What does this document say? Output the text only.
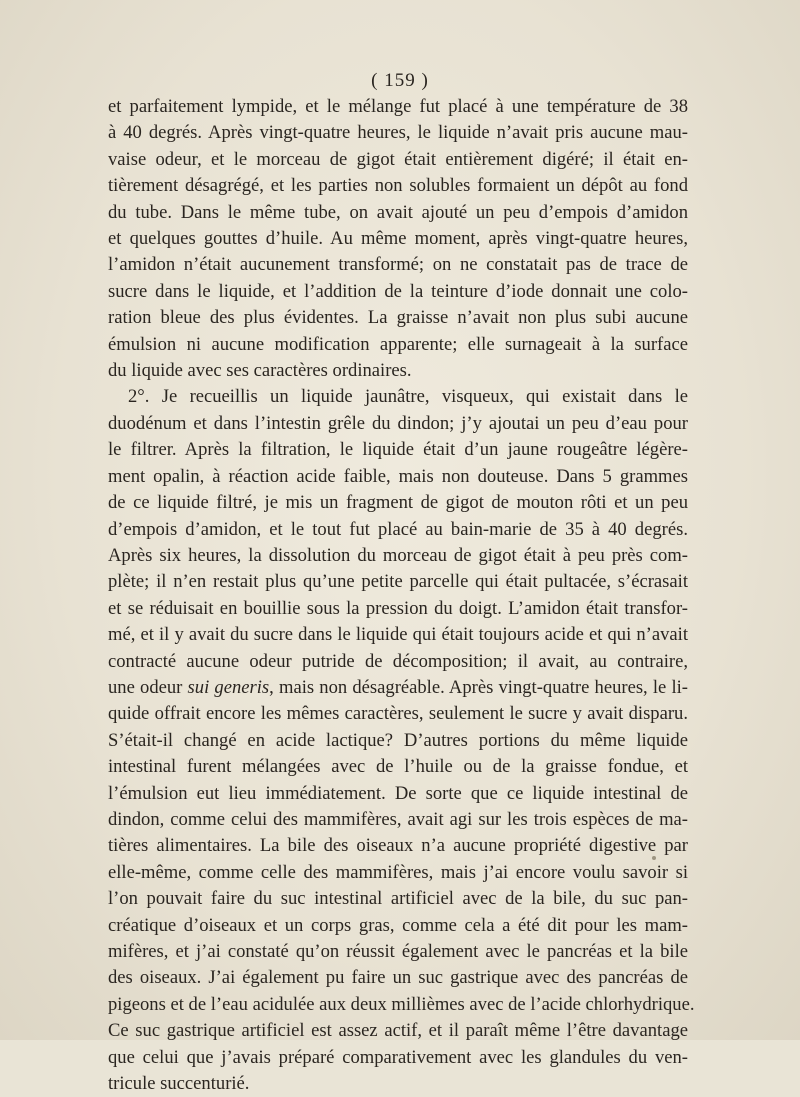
( 159 )
et parfaitement lympide, et le mélange fut placé à une température de 38
à 40 degrés. Après vingt-quatre heures, le liquide n’avait pris aucune mau-
vaise odeur, et le morceau de gigot était entièrement digéré; il était en-
tièrement désagrégé, et les parties non solubles formaient un dépôt au fond
du tube. Dans le même tube, on avait ajouté un peu d’empois d’amidon
et quelques gouttes d’huile. Au même moment, après vingt-quatre heures,
l’amidon n’était aucunement transformé; on ne constatait pas de trace de
sucre dans le liquide, et l’addition de la teinture d’iode donnait une colo-
ration bleue des plus évidentes. La graisse n’avait non plus subi aucune
émulsion ni aucune modification apparente; elle surnageait à la surface
du liquide avec ses caractères ordinaires.
2°. Je recueillis un liquide jaunâtre, visqueux, qui existait dans le
duodénum et dans l’intestin grêle du dindon; j’y ajoutai un peu d’eau pour
le filtrer. Après la filtration, le liquide était d’un jaune rougeâtre légère-
ment opalin, à réaction acide faible, mais non douteuse. Dans 5 grammes
de ce liquide filtré, je mis un fragment de gigot de mouton rôti et un peu
d’empois d’amidon, et le tout fut placé au bain-marie de 35 à 40 degrés.
Après six heures, la dissolution du morceau de gigot était à peu près com-
plète; il n’en restait plus qu’une petite parcelle qui était pultacée, s’écrasait
et se réduisait en bouillie sous la pression du doigt. L’amidon était transfor-
mé, et il y avait du sucre dans le liquide qui était toujours acide et qui n’avait
contracté aucune odeur putride de décomposition; il avait, au contraire,
une odeur sui generis, mais non désagréable. Après vingt-quatre heures, le li-
quide offrait encore les mêmes caractères, seulement le sucre y avait disparu.
S’était-il changé en acide lactique? D’autres portions du même liquide
intestinal furent mélangées avec de l’huile ou de la graisse fondue, et
l’émulsion eut lieu immédiatement. De sorte que ce liquide intestinal de
dindon, comme celui des mammifères, avait agi sur les trois espèces de ma-
tières alimentaires. La bile des oiseaux n’a aucune propriété digestive par
elle-même, comme celle des mammifères, mais j’ai encore voulu savoir si
l’on pouvait faire du suc intestinal artificiel avec de la bile, du suc pan-
créatique d’oiseaux et un corps gras, comme cela a été dit pour les mam-
mifères, et j’ai constaté qu’on réussit également avec le pancréas et la bile
des oiseaux. J’ai également pu faire un suc gastrique avec des pancréas de
pigeons et de l’eau acidulée aux deux millièmes avec de l’acide chlorhydrique.
Ce suc gastrique artificiel est assez actif, et il paraît même l’être davantage
que celui que j’avais préparé comparativement avec les glandules du ven-
tricule succenturié.
